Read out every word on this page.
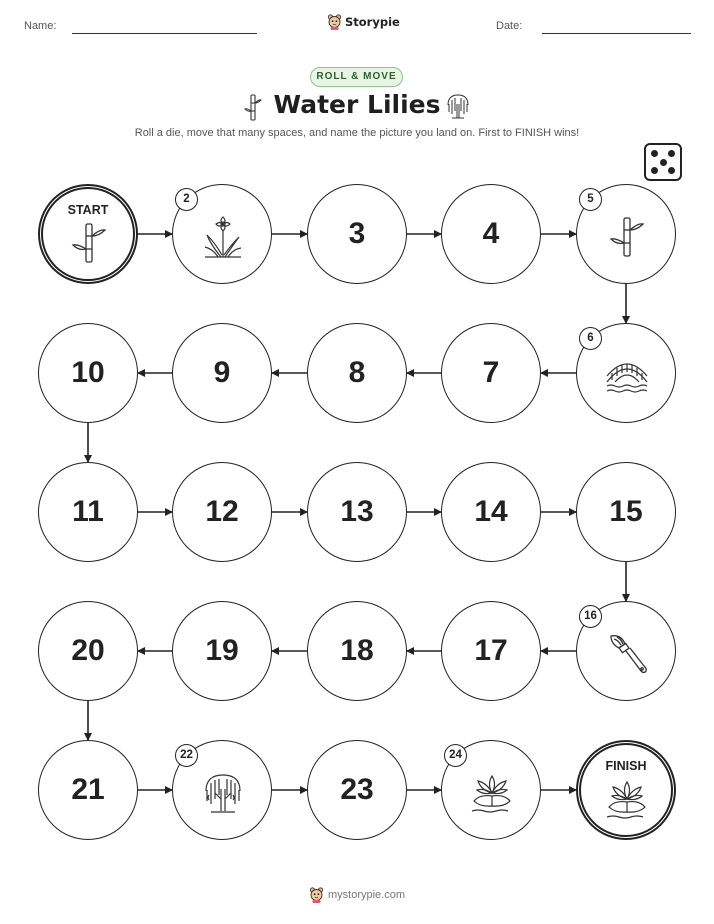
Name:	Storypie	Date:
ROLL & MOVE
Water Lilies
Roll a die, move that many spaces, and name the picture you land on. First to FINISH wins!
START
2
3	4
5
6
7
8
9
10
11	12	13	14	15
16
17
18
19
20
21
22
23
24
FINISH
mystorypie.com
